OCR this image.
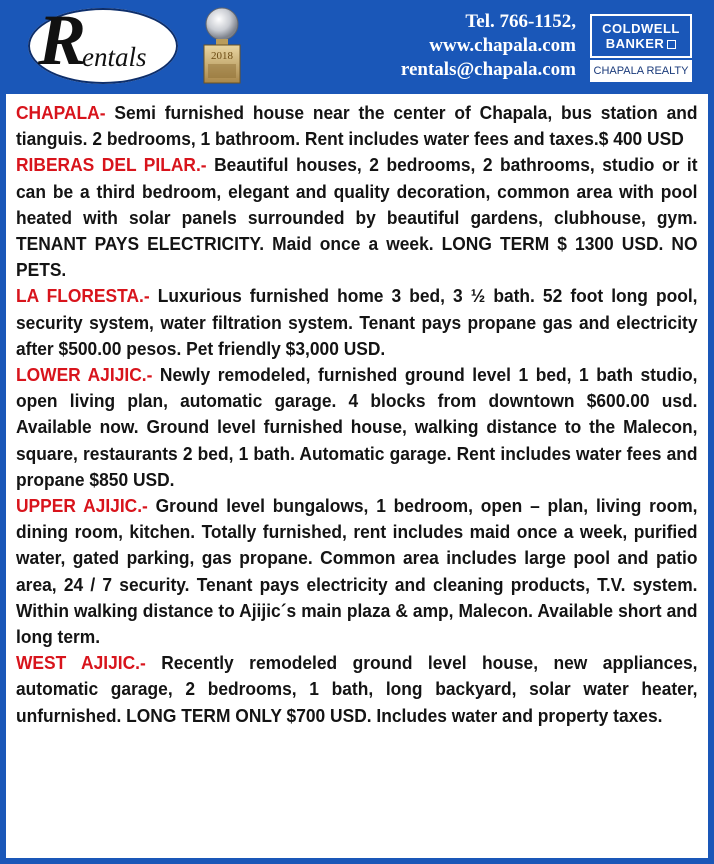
Rentals	2018
Tel. 766-1152,
www.chapala.com
rentals@chapala.com
COLDWELL
BANKER
CHAPALA REALTY
CHAPALA- Semi furnished house near the center of Chapala, bus station and tianguis. 2 bedrooms, 1 bathroom. Rent includes water fees and taxes.$ 400 USD
RIBERAS DEL PILAR.- Beautiful houses, 2 bedrooms, 2 bathrooms, studio or it can be a third bedroom, elegant and quality decoration, common area with pool heated with solar panels surrounded by beautiful gardens, clubhouse, gym. TENANT PAYS ELECTRICITY. Maid once a week. LONG TERM $ 1300 USD. NO PETS.
LA FLORESTA.- Luxurious furnished home 3 bed, 3 ½ bath. 52 foot long pool, security system, water filtration system. Tenant pays propane gas and electricity after $500.00 pesos. Pet friendly $3,000 USD.
LOWER AJIJIC.- Newly remodeled, furnished ground level 1 bed, 1 bath studio, open living plan, automatic garage. 4 blocks from downtown $600.00 usd. Available now. Ground level furnished house, walking distance to the Malecon, square, restaurants 2 bed, 1 bath. Automatic garage. Rent includes water fees and propane $850 USD.
UPPER AJIJIC.- Ground level bungalows, 1 bedroom, open – plan, living room, dining room, kitchen. Totally furnished, rent includes maid once a week, purified water, gated parking, gas propane. Common area includes large pool and patio area, 24 / 7 security. Tenant pays electricity and cleaning products, T.V. system. Within walking distance to Ajijic´s main plaza & amp, Malecon. Available short and long term.
WEST AJIJIC.- Recently remodeled ground level house, new appliances, automatic garage, 2 bedrooms, 1 bath, long backyard, solar water heater, unfurnished. LONG TERM ONLY $700 USD. Includes water and property taxes.
